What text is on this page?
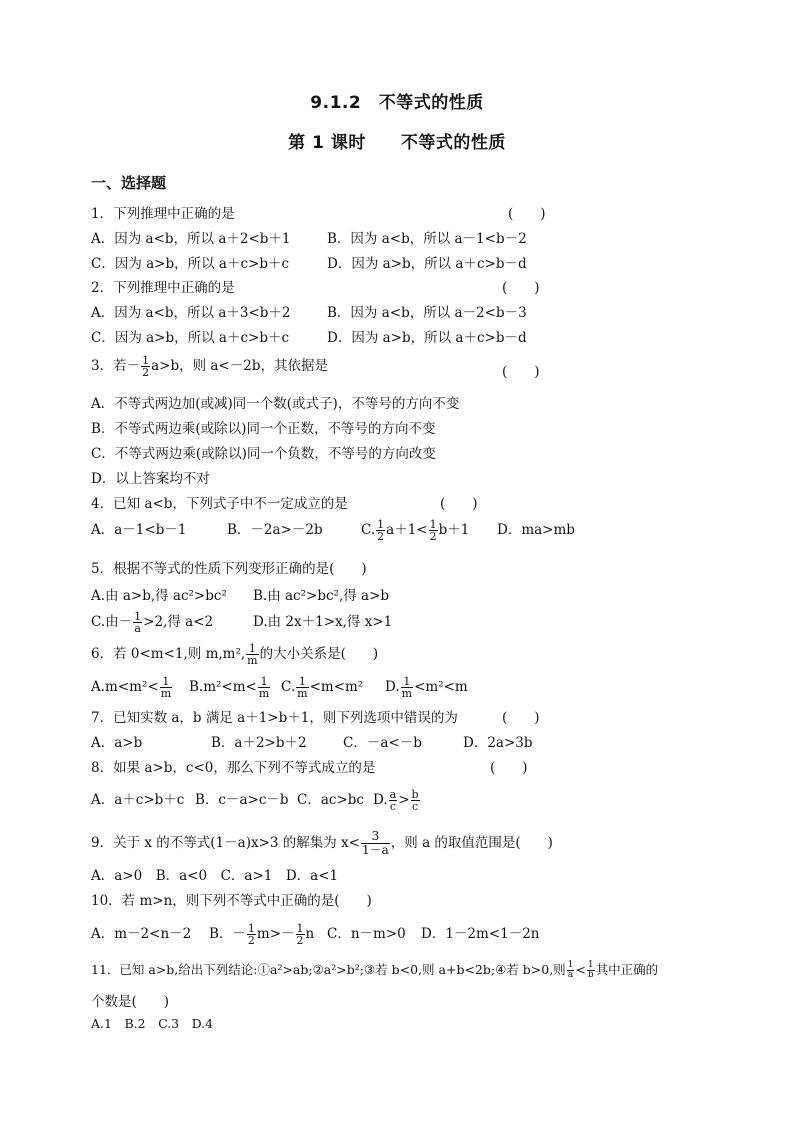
9.1.2　不等式的性质
第 1 课时　　不等式的性质
一、选择题
1．下列推理中正确的是	(　　)
A．因为 a<b，所以 a＋2<b＋1	B．因为 a<b，所以 a－1<b－2
C．因为 a>b，所以 a＋c>b＋c	D．因为 a>b，所以 a＋c>b－d
2．下列推理中正确的是	(　　)
A．因为 a<b，所以 a＋3<b＋2	B．因为 a<b，所以 a－2<b－3
C．因为 a>b，所以 a＋c>b＋c	D．因为 a>b，所以 a＋c>b－d
3．若－ $\frac{1}{2} a>b$，则 a<－2b，其依据是	(　　)
A．不等式两边加(或减)同一个数(或式子)，不等号的方向不变
B．不等式两边乘(或除以)同一个正数，不等号的方向不变
C．不等式两边乘(或除以)同一个负数，不等号的方向改变
D．以上答案均不对
4．已知 a<b，下列式子中不一定成立的是	(　　)
A．a－1<b－1	B．－2a>－2b	C. $\frac{1}{2} a+1< \frac{1}{2} b+1$ D．ma>mb
5．根据不等式的性质下列变形正确的是(　　)
A.由 a>b,得 ac²>bc² B.由 ac²>bc²,得 a>b
C.由－ $\frac{1}{a} >2$,得 a<2	D.由 2x＋1>x,得 x>1
6．若 0<m<1,则 m,m², $\frac{1}{m}$ 的大小关系是(　　)
$A.m<m^2< \frac{1}{m} B.m^2<m< \frac{1}{m} C$. $\frac{1}{m} <m<m^2$ D. $\frac{1}{m} <m^2<m$
7．已知实数 a，b 满足 a＋1>b＋1，则下列选项中错误的为	(　　)
A．a>b	B．a＋2>b＋2	C．－a<－b	D．2a>3b
8．如果 a>b，c<0，那么下列不等式成立的是	(　　)
A．a＋c>b＋c B．c－a>c－b C．ac>bc D. $\frac{a}{c} > \frac{b}{c}$
9．关于 x 的不等式(1－a)x>3 的解集为 $x< \frac{3}{1-a}$ ，则 a 的取值范围是(　　)
A．a>0　B．a<0　C．a>1　D．a<1
10．若 m>n，则下列不等式中正确的是(　　)
A．m－2<n－2 B．－ $\frac{1}{2} m>- \frac{1}{2}$ n C．n－m>0 D．1－2m<1－2n
11．已知 a>b,给出下列结论:①a²>ab;②a²>b²;③若 b<0,则 a+b<2b;④若 b>0,则 $\frac{1}{a} < \frac{1}{b}$ 其中正确的
个数是(　　)
A.1　B.2　C.3　D.4
